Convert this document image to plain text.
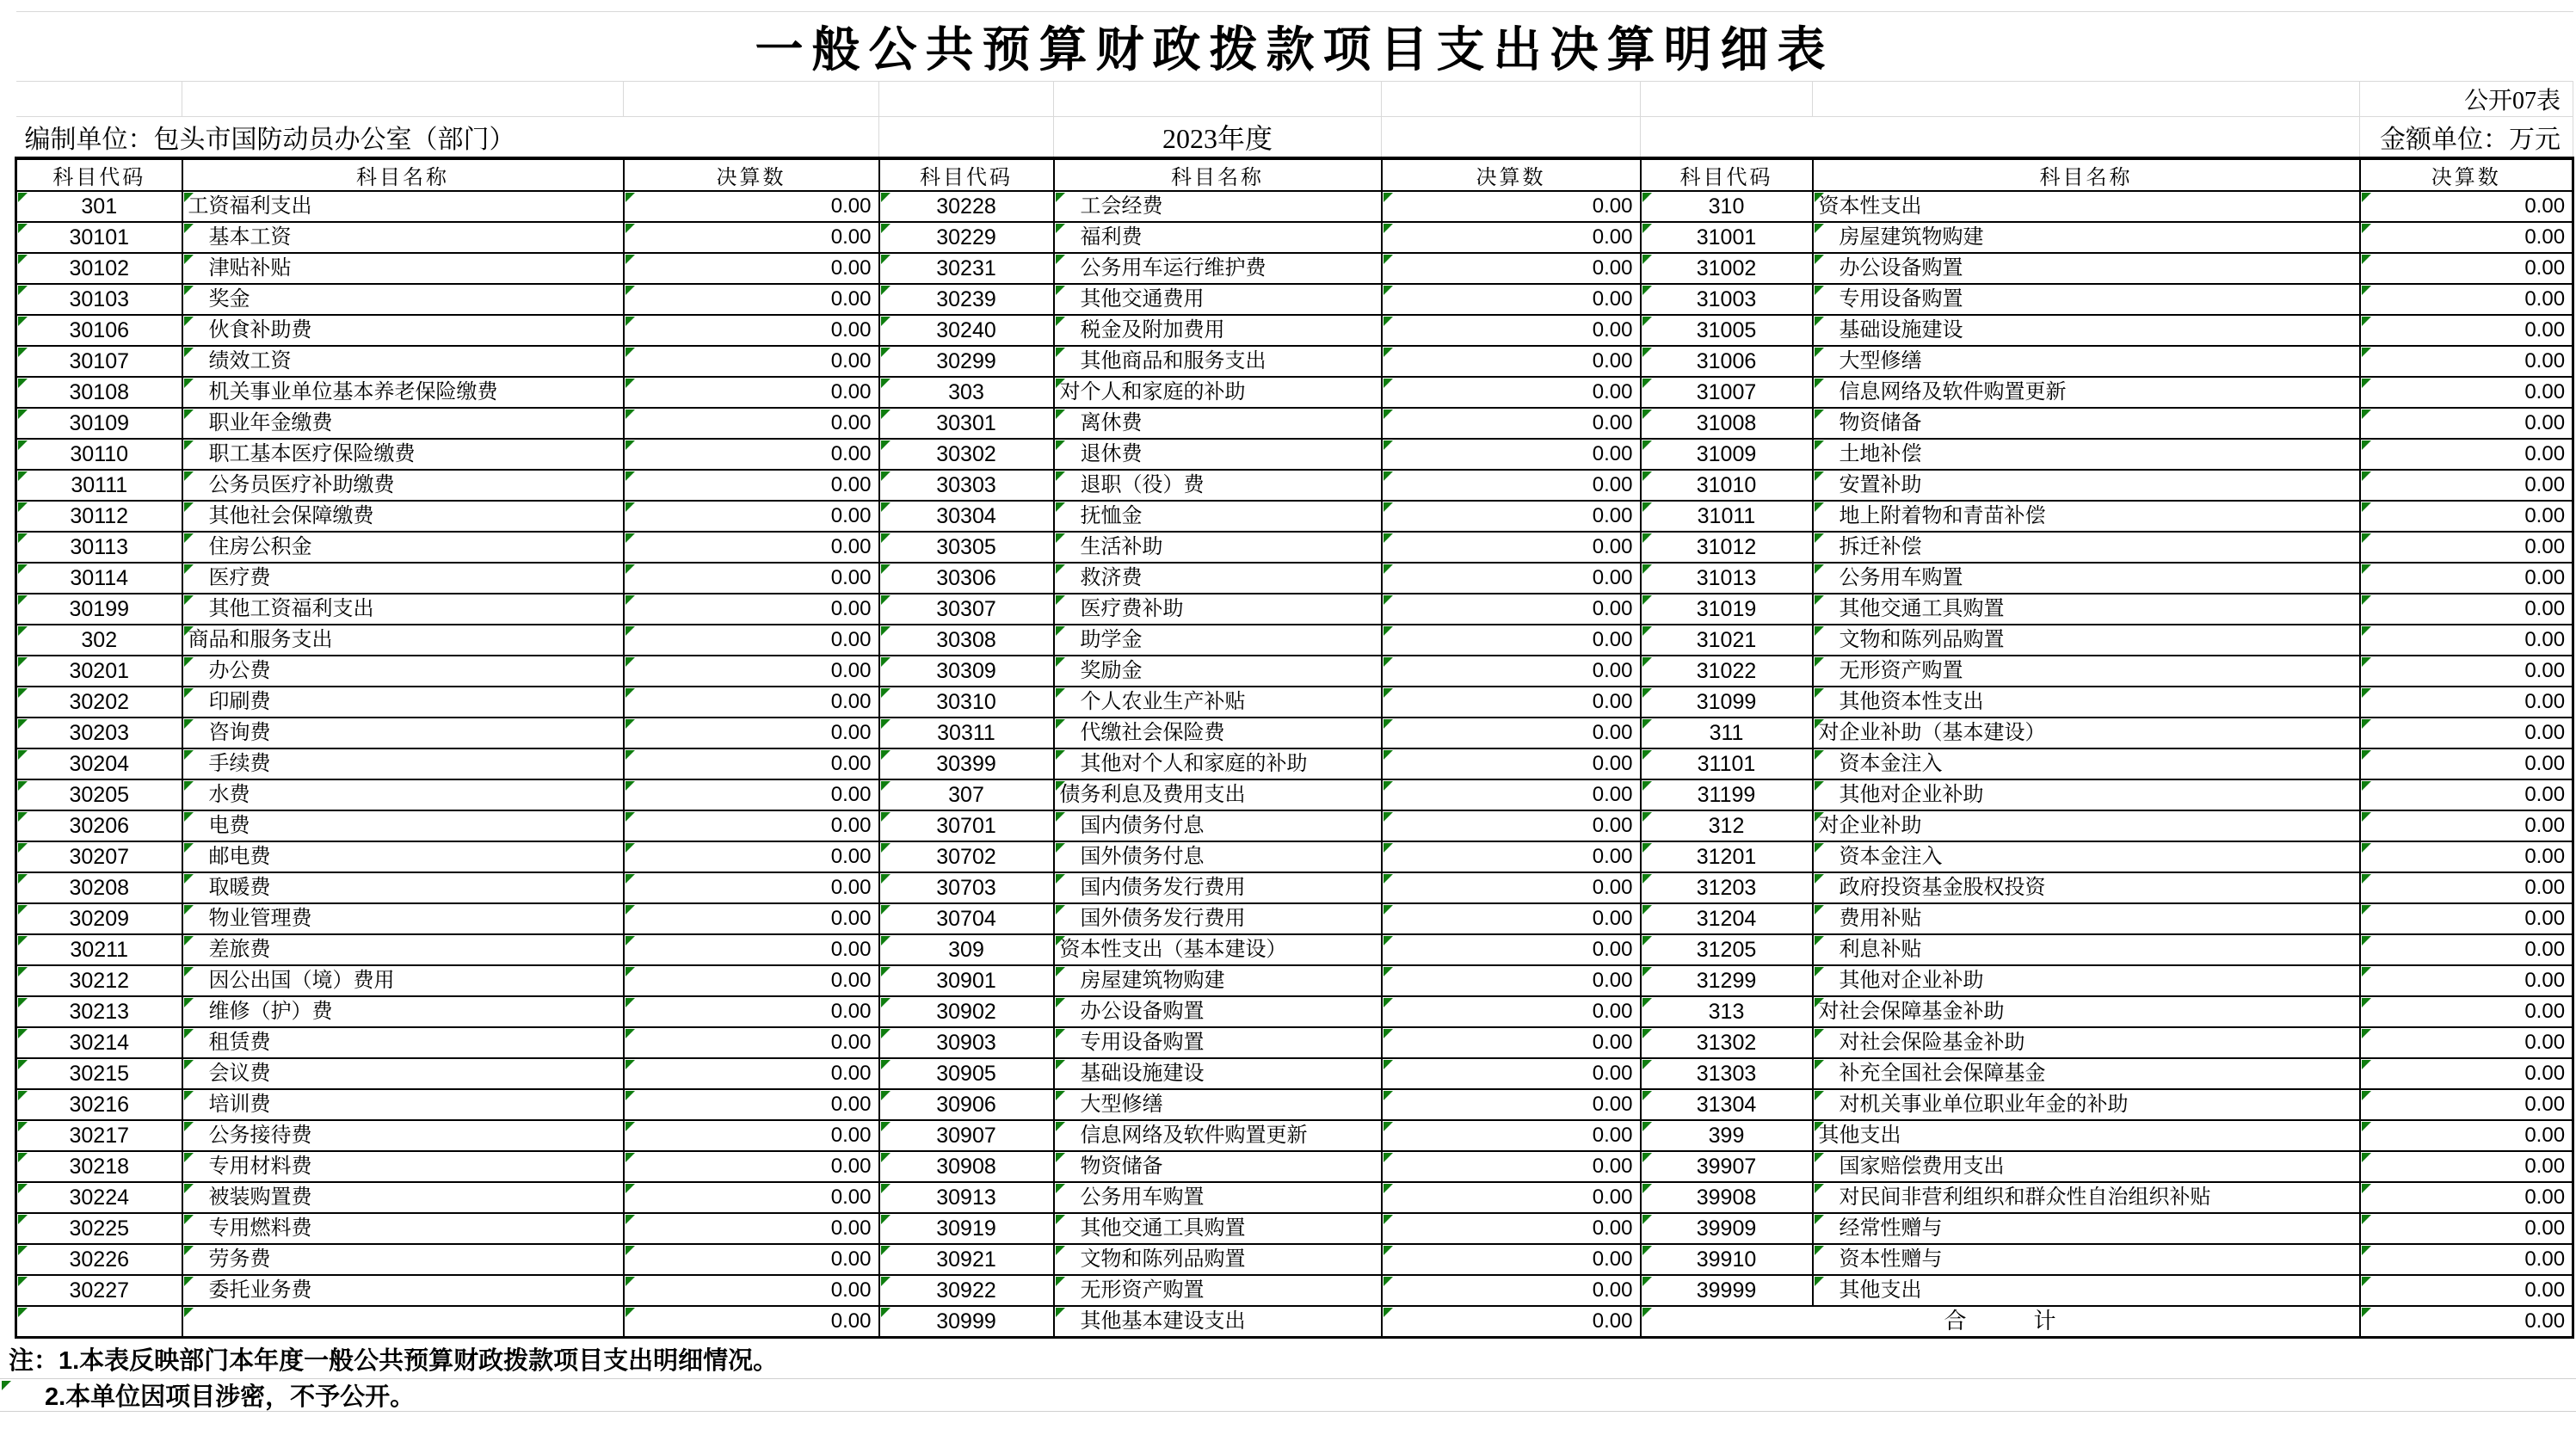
一般公共预算财政拨款项目支出决算明细表								
								公开07表
编制单位：包头市国防动员办公室（部门）				2023年度				金额单位：万元
科目代码	科目名称	决算数	科目代码	科目名称	决算数	科目代码	科目名称	决算数
301	工资福利支出	0.00	30228	工会经费	0.00	310	资本性支出	0.00
30101	基本工资	0.00	30229	福利费	0.00	31001	房屋建筑物购建	0.00
30102	津贴补贴	0.00	30231	公务用车运行维护费	0.00	31002	办公设备购置	0.00
30103	奖金	0.00	30239	其他交通费用	0.00	31003	专用设备购置	0.00
30106	伙食补助费	0.00	30240	税金及附加费用	0.00	31005	基础设施建设	0.00
30107	绩效工资	0.00	30299	其他商品和服务支出	0.00	31006	大型修缮	0.00
30108	机关事业单位基本养老保险缴费	0.00	303	对个人和家庭的补助	0.00	31007	信息网络及软件购置更新	0.00
30109	职业年金缴费	0.00	30301	离休费	0.00	31008	物资储备	0.00
30110	职工基本医疗保险缴费	0.00	30302	退休费	0.00	31009	土地补偿	0.00
30111	公务员医疗补助缴费	0.00	30303	退职（役）费	0.00	31010	安置补助	0.00
30112	其他社会保障缴费	0.00	30304	抚恤金	0.00	31011	地上附着物和青苗补偿	0.00
30113	住房公积金	0.00	30305	生活补助	0.00	31012	拆迁补偿	0.00
30114	医疗费	0.00	30306	救济费	0.00	31013	公务用车购置	0.00
30199	其他工资福利支出	0.00	30307	医疗费补助	0.00	31019	其他交通工具购置	0.00
302	商品和服务支出	0.00	30308	助学金	0.00	31021	文物和陈列品购置	0.00
30201	办公费	0.00	30309	奖励金	0.00	31022	无形资产购置	0.00
30202	印刷费	0.00	30310	个人农业生产补贴	0.00	31099	其他资本性支出	0.00
30203	咨询费	0.00	30311	代缴社会保险费	0.00	311	对企业补助（基本建设）	0.00
30204	手续费	0.00	30399	其他对个人和家庭的补助	0.00	31101	资本金注入	0.00
30205	水费	0.00	307	债务利息及费用支出	0.00	31199	其他对企业补助	0.00
30206	电费	0.00	30701	国内债务付息	0.00	312	对企业补助	0.00
30207	邮电费	0.00	30702	国外债务付息	0.00	31201	资本金注入	0.00
30208	取暖费	0.00	30703	国内债务发行费用	0.00	31203	政府投资基金股权投资	0.00
30209	物业管理费	0.00	30704	国外债务发行费用	0.00	31204	费用补贴	0.00
30211	差旅费	0.00	309	资本性支出（基本建设）	0.00	31205	利息补贴	0.00
30212	因公出国（境）费用	0.00	30901	房屋建筑物购建	0.00	31299	其他对企业补助	0.00
30213	维修（护）费	0.00	30902	办公设备购置	0.00	313	对社会保障基金补助	0.00
30214	租赁费	0.00	30903	专用设备购置	0.00	31302	对社会保险基金补助	0.00
30215	会议费	0.00	30905	基础设施建设	0.00	31303	补充全国社会保障基金	0.00
30216	培训费	0.00	30906	大型修缮	0.00	31304	对机关事业单位职业年金的补助	0.00
30217	公务接待费	0.00	30907	信息网络及软件购置更新	0.00	399	其他支出	0.00
30218	专用材料费	0.00	30908	物资储备	0.00	39907	国家赔偿费用支出	0.00
30224	被装购置费	0.00	30913	公务用车购置	0.00	39908	对民间非营利组织和群众性自治组织补贴	0.00
30225	专用燃料费	0.00	30919	其他交通工具购置	0.00	39909	经常性赠与	0.00
30226	劳务费	0.00	30921	文物和陈列品购置	0.00	39910	资本性赠与	0.00
30227	委托业务费	0.00	30922	无形资产购置	0.00	39999	其他支出	0.00
		0.00	30999	其他基本建设支出	0.00	合　　　计		0.00
注：1.本表反映部门本年度一般公共预算财政拨款项目支出明细情况。
2.本单位因项目涉密，不予公开。
